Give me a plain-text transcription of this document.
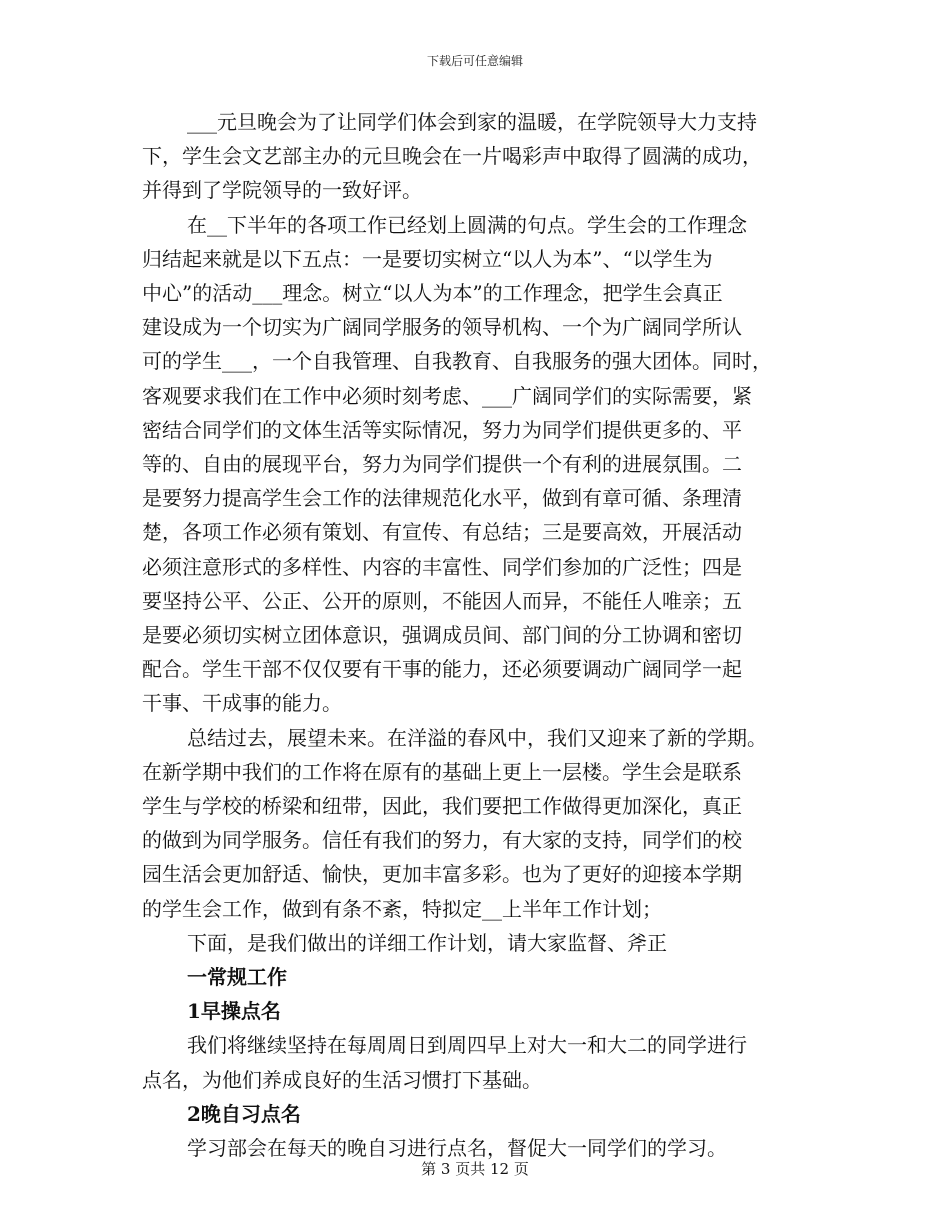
下载后可任意编辑
___元旦晚会为了让同学们体会到家的温暖，在学院领导大力支持
下，学生会文艺部主办的元旦晚会在一片喝彩声中取得了圆满的成功，
并得到了学院领导的一致好评。
在__下半年的各项工作已经划上圆满的句点。学生会的工作理念
归结起来就是以下五点：一是要切实树立“以人为本”、“以学生为
中心”的活动___理念。树立“以人为本”的工作理念，把学生会真正
建设成为一个切实为广阔同学服务的领导机构、一个为广阔同学所认
可的学生___，一个自我管理、自我教育、自我服务的强大团体。同时，
客观要求我们在工作中必须时刻考虑、___广阔同学们的实际需要，紧
密结合同学们的文体生活等实际情况，努力为同学们提供更多的、平
等的、自由的展现平台，努力为同学们提供一个有利的进展氛围。二
是要努力提高学生会工作的法律规范化水平，做到有章可循、条理清
楚，各项工作必须有策划、有宣传、有总结；三是要高效，开展活动
必须注意形式的多样性、内容的丰富性、同学们参加的广泛性；四是
要坚持公平、公正、公开的原则，不能因人而异，不能任人唯亲；五
是要必须切实树立团体意识，强调成员间、部门间的分工协调和密切
配合。学生干部不仅仅要有干事的能力，还必须要调动广阔同学一起
干事、干成事的能力。
总结过去，展望未来。在洋溢的春风中，我们又迎来了新的学期。
在新学期中我们的工作将在原有的基础上更上一层楼。学生会是联系
学生与学校的桥梁和纽带，因此，我们要把工作做得更加深化，真正
的做到为同学服务。信任有我们的努力，有大家的支持，同学们的校
园生活会更加舒适、愉快，更加丰富多彩。也为了更好的迎接本学期
的学生会工作，做到有条不紊，特拟定__上半年工作计划；
下面，是我们做出的详细工作计划，请大家监督、斧正
一常规工作
1早操点名
我们将继续坚持在每周周日到周四早上对大一和大二的同学进行
点名，为他们养成良好的生活习惯打下基础。
2晚自习点名
学习部会在每天的晚自习进行点名，督促大一同学们的学习。
第 3 页共 12 页
